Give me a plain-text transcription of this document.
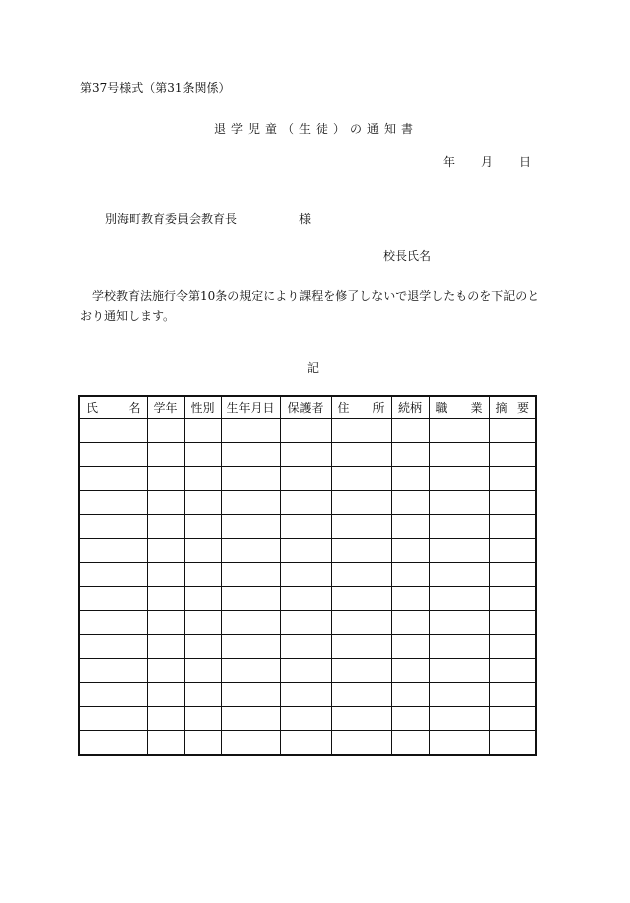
第37号様式（第31条関係）
退学児童（生徒）の通知書
年 月 日
別海町教育委員会教育長	様
校長氏名
学校教育法施行令第10条の規定により課程を修了しないで退学したものを下記のとおり通知します。
記
氏 名	学年	性別	生年月日	保護者	住 所	続柄	職 業	摘 要
